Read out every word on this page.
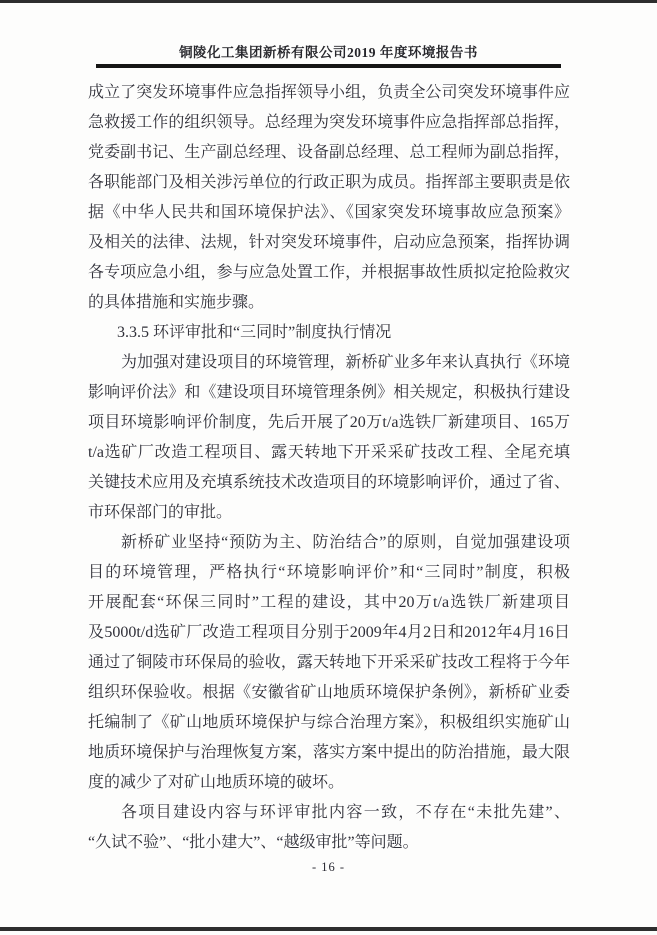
铜陵化工集团新桥有限公司2019 年度环境报告书
成立了突发环境事件应急指挥领导小组，负责全公司突发环境事件应
急救援工作的组织领导。总经理为突发环境事件应急指挥部总指挥，
党委副书记、生产副总经理、设备副总经理、总工程师为副总指挥，
各职能部门及相关涉污单位的行政正职为成员。指挥部主要职责是依
据《中华人民共和国环境保护法》、《国家突发环境事故应急预案》
及相关的法律、法规，针对突发环境事件，启动应急预案，指挥协调
各专项应急小组，参与应急处置工作，并根据事故性质拟定抢险救灾
的具体措施和实施步骤。
3.3.5 环评审批和“三同时”制度执行情况
为加强对建设项目的环境管理，新桥矿业多年来认真执行《环境
影响评价法》和《建设项目环境管理条例》相关规定，积极执行建设
项目环境影响评价制度，先后开展了20万t/a选铁厂新建项目、165万
t/a选矿厂改造工程项目、露天转地下开采采矿技改工程、全尾充填
关键技术应用及充填系统技术改造项目的环境影响评价，通过了省、
市环保部门的审批。
新桥矿业坚持“预防为主、防治结合”的原则，自觉加强建设项
目的环境管理，严格执行“环境影响评价”和“三同时”制度，积极
开展配套“环保三同时”工程的建设，其中20万t/a选铁厂新建项目
及5000t/d选矿厂改造工程项目分别于2009年4月2日和2012年4月16日
通过了铜陵市环保局的验收，露天转地下开采采矿技改工程将于今年
组织环保验收。根据《安徽省矿山地质环境保护条例》，新桥矿业委
托编制了《矿山地质环境保护与综合治理方案》，积极组织实施矿山
地质环境保护与治理恢复方案，落实方案中提出的防治措施，最大限
度的减少了对矿山地质环境的破坏。
各项目建设内容与环评审批内容一致，不存在“未批先建”、
“久试不验”、“批小建大”、“越级审批”等问题。
- 16 -
